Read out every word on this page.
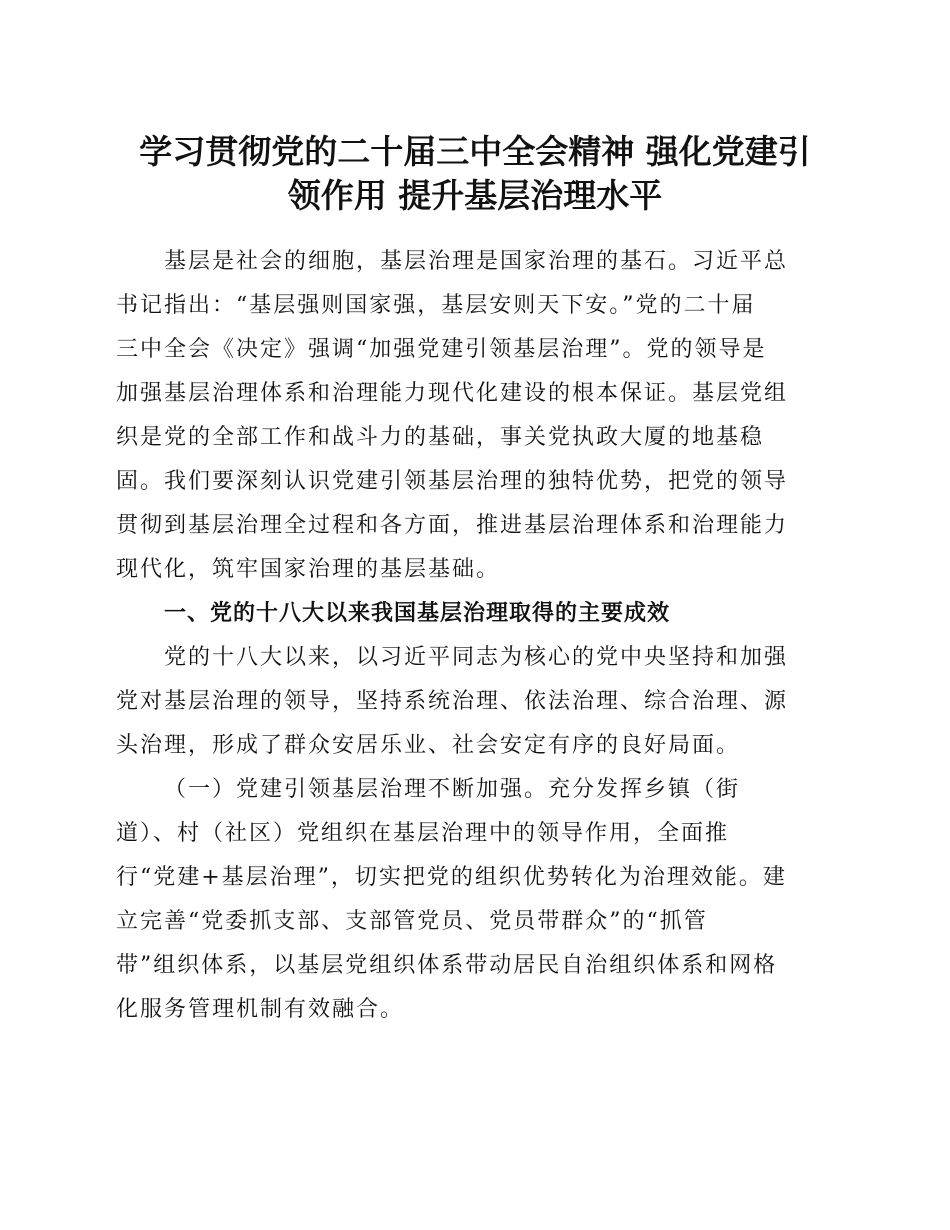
学习贯彻党的二十届三中全会精神 强化党建引
领作用 提升基层治理水平
基层是社会的细胞，基层治理是国家治理的基石。习近平总
书记指出：“基层强则国家强，基层安则天下安。”党的二十届
三中全会《决定》强调“加强党建引领基层治理”。党的领导是
加强基层治理体系和治理能力现代化建设的根本保证。基层党组
织是党的全部工作和战斗力的基础，事关党执政大厦的地基稳
固。我们要深刻认识党建引领基层治理的独特优势，把党的领导
贯彻到基层治理全过程和各方面，推进基层治理体系和治理能力
现代化，筑牢国家治理的基层基础。
一、党的十八大以来我国基层治理取得的主要成效
党的十八大以来，以习近平同志为核心的党中央坚持和加强
党对基层治理的领导，坚持系统治理、依法治理、综合治理、源
头治理，形成了群众安居乐业、社会安定有序的良好局面。
（一）党建引领基层治理不断加强。充分发挥乡镇（街
道）、村（社区）党组织在基层治理中的领导作用，全面推
行“党建+基层治理”，切实把党的组织优势转化为治理效能。建
立完善“党委抓支部、支部管党员、党员带群众”的“抓管
带”组织体系，以基层党组织体系带动居民自治组织体系和网格
化服务管理机制有效融合。
